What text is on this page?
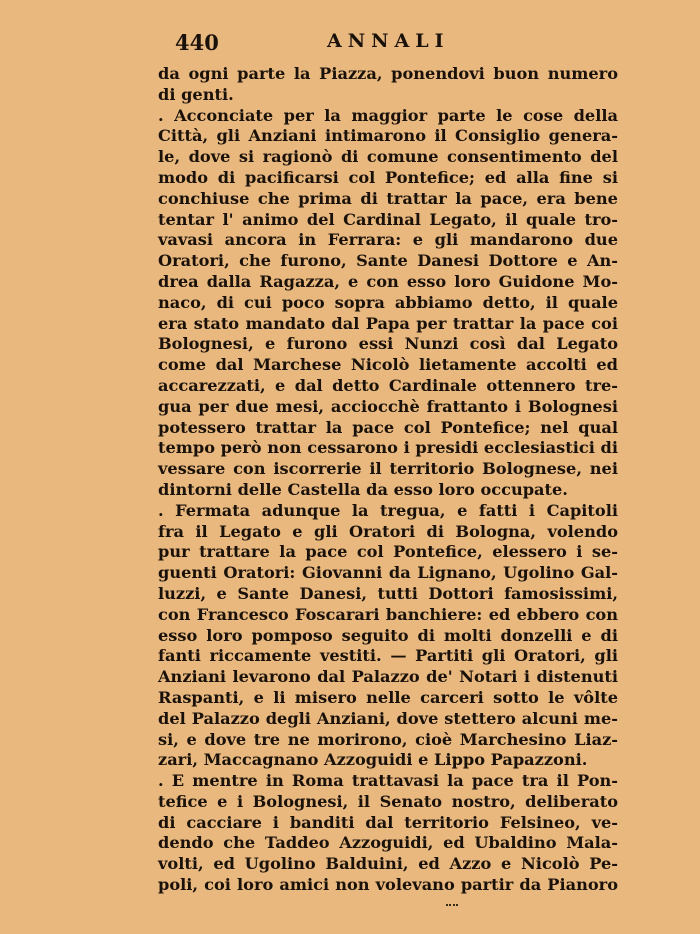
440	ANNALI
da ogni parte la Piazza, ponendovi buon numero
di genti.
. Acconciate per la maggior parte le cose della
Città, gli Anziani intimarono il Consiglio genera-
le, dove si ragionò di comune consentimento del
modo di pacificarsi col Pontefice; ed alla fine si
conchiuse che prima di trattar la pace, era bene
tentar l' animo del Cardinal Legato, il quale tro-
vavasi ancora in Ferrara: e gli mandarono due
Oratori, che furono, Sante Danesi Dottore e An-
drea dalla Ragazza, e con esso loro Guidone Mo-
naco, di cui poco sopra abbiamo detto, il quale
era stato mandato dal Papa per trattar la pace coi
Bolognesi, e furono essi Nunzi così dal Legato
come dal Marchese Nicolò lietamente accolti ed
accarezzati, e dal detto Cardinale ottennero tre-
gua per due mesi, acciocchè frattanto i Bolognesi
potessero trattar la pace col Pontefice; nel qual
tempo però non cessarono i presidi ecclesiastici di
vessare con iscorrerie il territorio Bolognese, nei
dintorni delle Castella da esso loro occupate.
. Fermata adunque la tregua, e fatti i Capitoli
fra il Legato e gli Oratori di Bologna, volendo
pur trattare la pace col Pontefice, elessero i se-
guenti Oratori: Giovanni da Lignano, Ugolino Gal-
luzzi, e Sante Danesi, tutti Dottori famosissimi,
con Francesco Foscarari banchiere: ed ebbero con
esso loro pomposo seguito di molti donzelli e di
fanti riccamente vestiti. — Partiti gli Oratori, gli
Anziani levarono dal Palazzo de' Notari i distenuti
Raspanti, e li misero nelle carceri sotto le vôlte
del Palazzo degli Anziani, dove stettero alcuni me-
si, e dove tre ne morirono, cioè Marchesino Liaz-
zari, Maccagnano Azzoguidi e Lippo Papazzoni.
. E mentre in Roma trattavasi la pace tra il Pon-
tefice e i Bolognesi, il Senato nostro, deliberato
di cacciare i banditi dal territorio Felsineo, ve-
dendo che Taddeo Azzoguidi, ed Ubaldino Mala-
volti, ed Ugolino Balduini, ed Azzo e Nicolò Pe-
poli, coi loro amici non volevano partir da Pianoro
